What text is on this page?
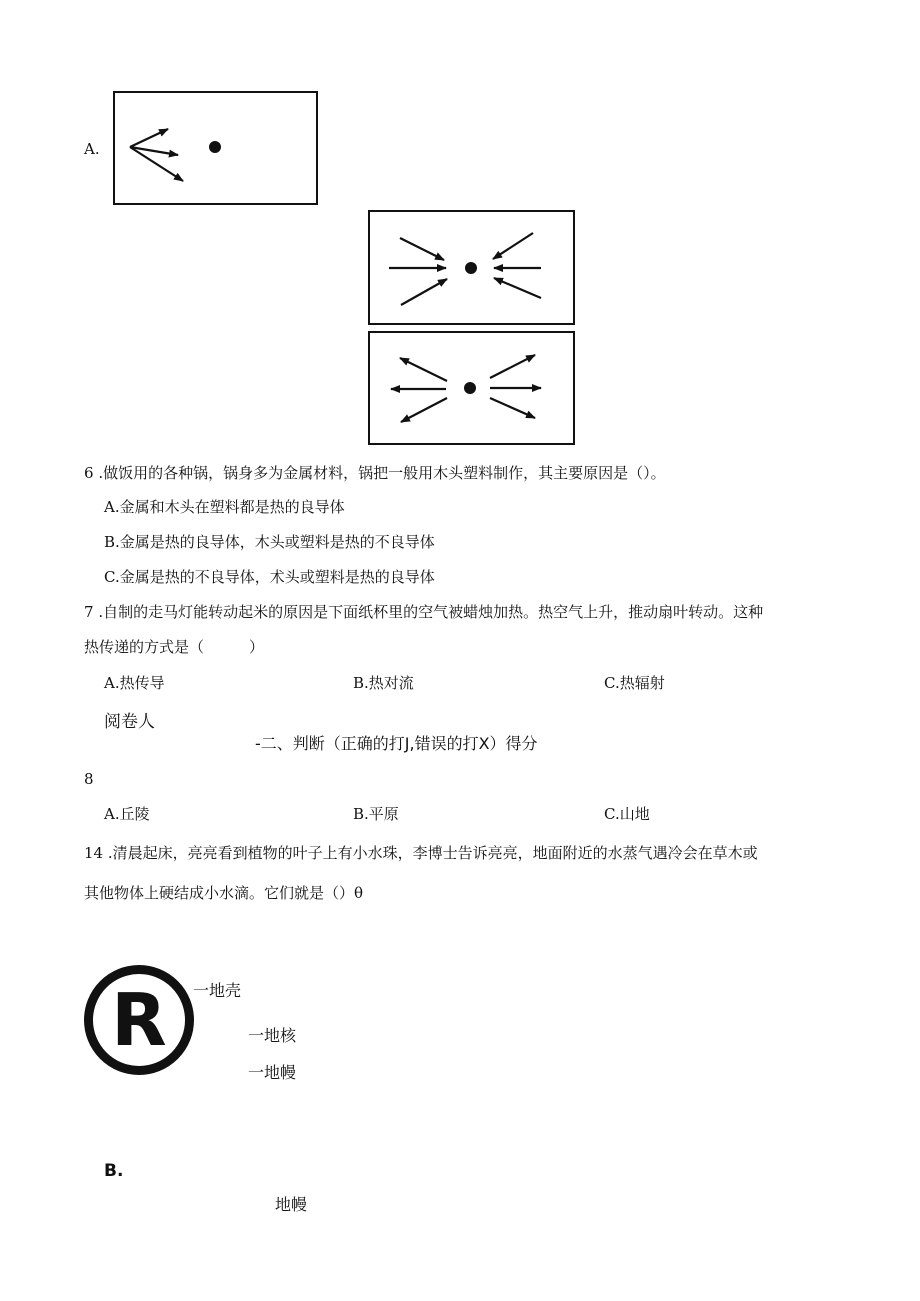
A.
6 .做饭用的各种锅，锅身多为金属材料，锅把一般用木头塑料制作，其主要原因是（）。
A.金属和木头在塑料都是热的良导体
B.金属是热的良导体，木头或塑料是热的不良导体
C.金属是热的不良导体，术头或塑料是热的良导体
7 .自制的走马灯能转动起米的原因是下面纸杯里的空气被蜡烛加热。热空气上升，推动扇叶转动。这种
热传递的方式是（　　　）
A.热传导	B.热对流	C.热辐射
阅卷人
-二、判断（正确的打J,错误的打X）得分
8
A.丘陵	B.平原	C.山地
14 .清晨起床，亮亮看到植物的叶子上有小水珠，李博士告诉亮亮，地面附近的水蒸气遇冷会在草木或
其他物体上硬结成小水滴。它们就是（）θ
R	一地壳
一地核
一地幔
B.
地幔
